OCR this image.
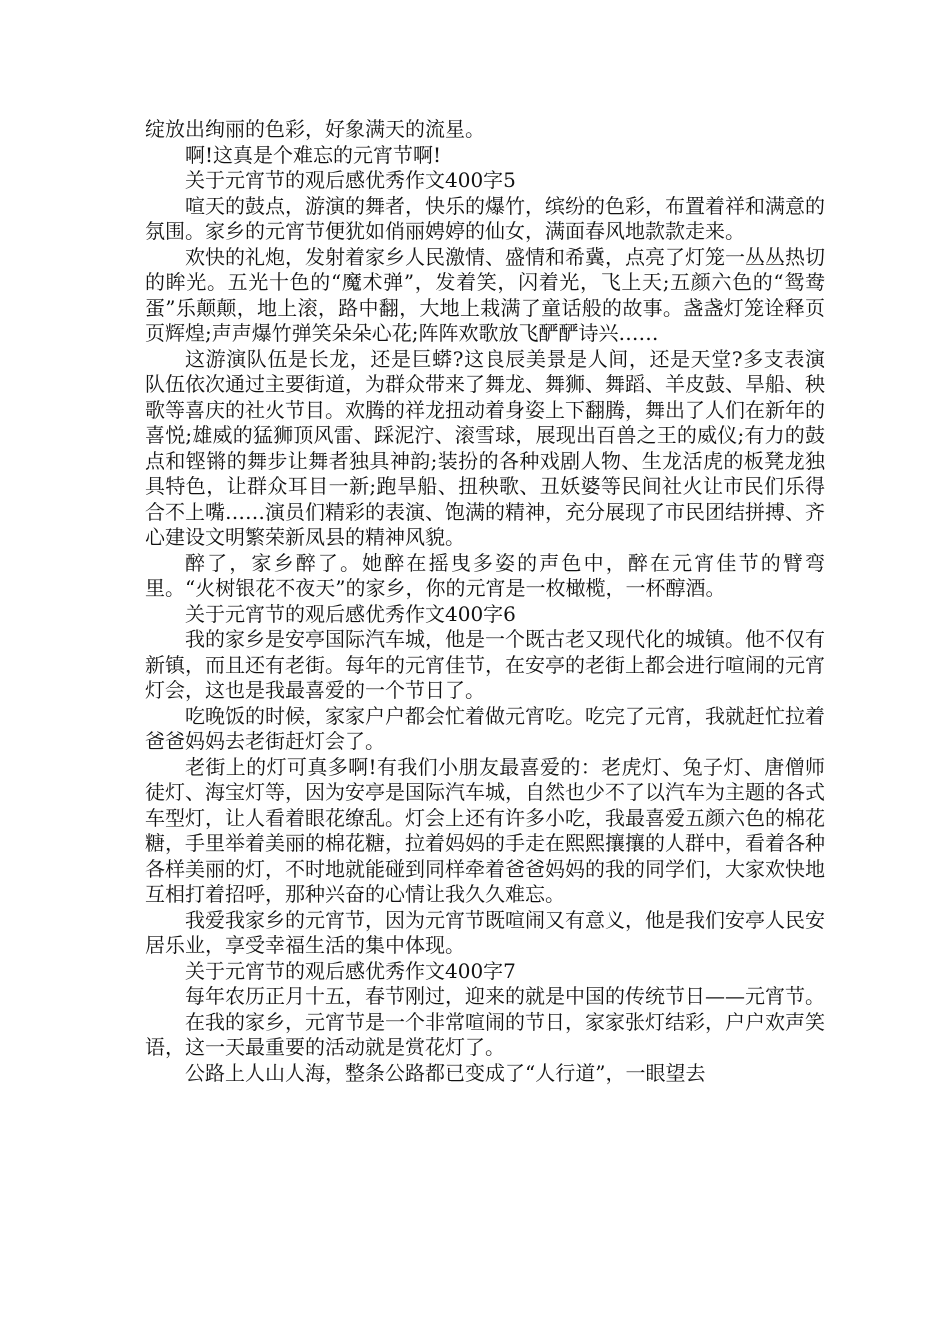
绽放出绚丽的色彩，好象满天的流星。

啊!这真是个难忘的元宵节啊!

关于元宵节的观后感优秀作文400字5

喧天的鼓点，游演的舞者，快乐的爆竹，缤纷的色彩，布置着祥和满意的氛围。家乡的元宵节便犹如俏丽娉婷的仙女，满面春风地款款走来。

欢快的礼炮，发射着家乡人民激情、盛情和希冀，点亮了灯笼一丛丛热切的眸光。五光十色的“魔术弹”，发着笑，闪着光，飞上天;五颜六色的“鸳鸯蛋”乐颠颠，地上滚，路中翻，大地上栽满了童话般的故事。盏盏灯笼诠释页页辉煌;声声爆竹弹笑朵朵心花;阵阵欢歌放飞酽酽诗兴……

这游演队伍是长龙，还是巨蟒?这良辰美景是人间，还是天堂?多支表演队伍依次通过主要街道，为群众带来了舞龙、舞狮、舞蹈、羊皮鼓、旱船、秧歌等喜庆的社火节目。欢腾的祥龙扭动着身姿上下翻腾，舞出了人们在新年的喜悦;雄威的猛狮顶风雷、踩泥泞、滚雪球，展现出百兽之王的威仪;有力的鼓点和铿锵的舞步让舞者独具神韵;装扮的各种戏剧人物、生龙活虎的板凳龙独具特色，让群众耳目一新;跑旱船、扭秧歌、丑妖婆等民间社火让市民们乐得合不上嘴……演员们精彩的表演、饱满的精神，充分展现了市民团结拼搏、齐心建设文明繁荣新凤县的精神风貌。

醉了，家乡醉了。她醉在摇曳多姿的声色中，醉在元宵佳节的臂弯里。“火树银花不夜天”的家乡，你的元宵是一枚橄榄，一杯醇酒。

关于元宵节的观后感优秀作文400字6

我的家乡是安亭国际汽车城，他是一个既古老又现代化的城镇。他不仅有新镇，而且还有老街。每年的元宵佳节，在安亭的老街上都会进行喧闹的元宵灯会，这也是我最喜爱的一个节日了。

吃晚饭的时候，家家户户都会忙着做元宵吃。吃完了元宵，我就赶忙拉着爸爸妈妈去老街赶灯会了。

老街上的灯可真多啊!有我们小朋友最喜爱的：老虎灯、兔子灯、唐僧师徒灯、海宝灯等，因为安亭是国际汽车城，自然也少不了以汽车为主题的各式车型灯，让人看着眼花缭乱。灯会上还有许多小吃，我最喜爱五颜六色的棉花糖，手里举着美丽的棉花糖，拉着妈妈的手走在熙熙攘攘的人群中，看着各种各样美丽的灯，不时地就能碰到同样牵着爸爸妈妈的我的同学们，大家欢快地互相打着招呼，那种兴奋的心情让我久久难忘。

我爱我家乡的元宵节，因为元宵节既喧闹又有意义，他是我们安亭人民安居乐业，享受幸福生活的集中体现。

关于元宵节的观后感优秀作文400字7

每年农历正月十五，春节刚过，迎来的就是中国的传统节日——元宵节。

在我的家乡，元宵节是一个非常喧闹的节日，家家张灯结彩，户户欢声笑语，这一天最重要的活动就是赏花灯了。

公路上人山人海，整条公路都已变成了“人行道”，一眼望去
